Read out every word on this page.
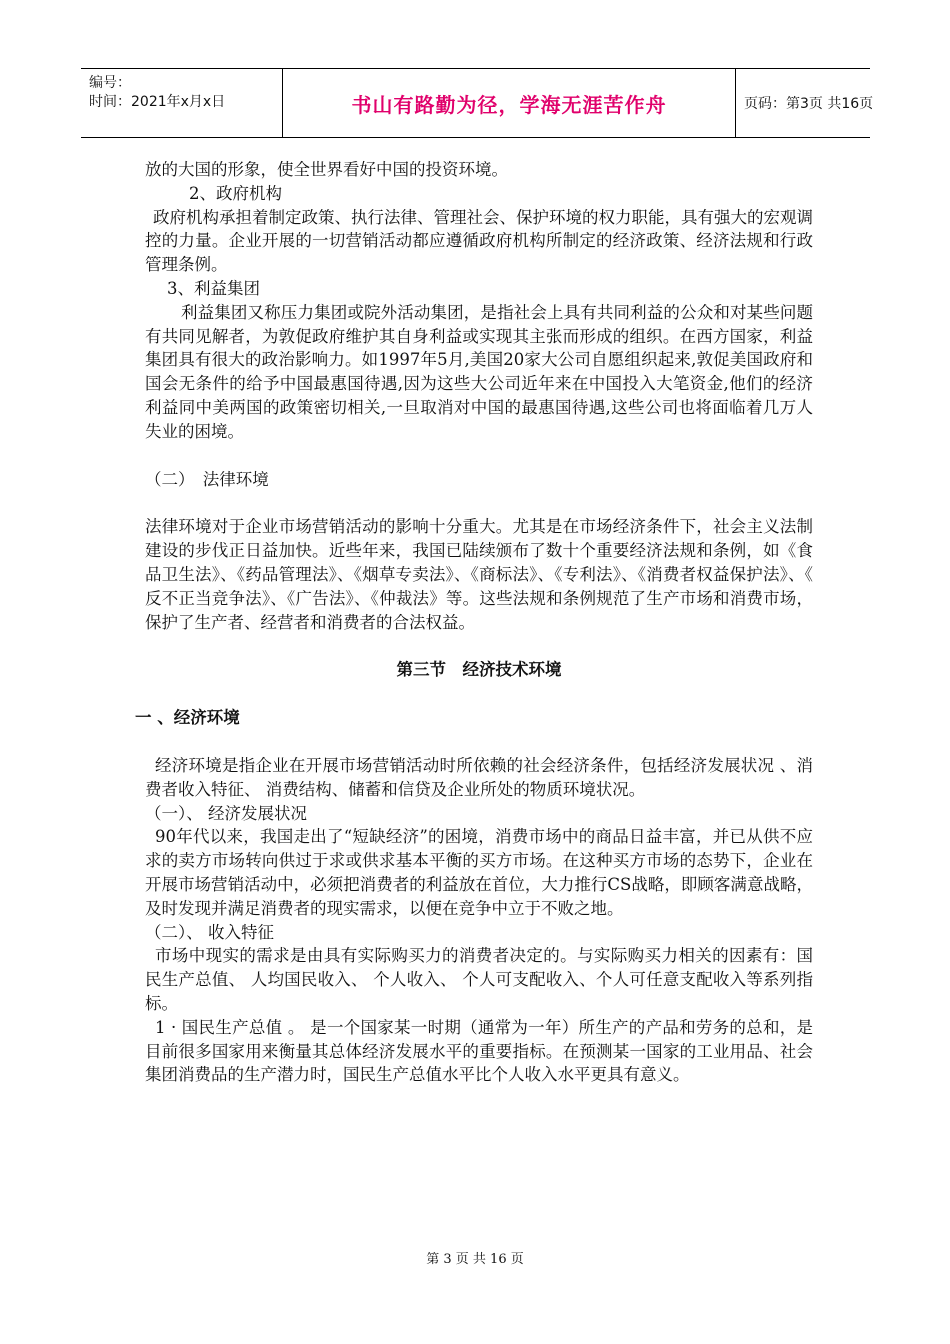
编号：
时间：2021年x月x日	书山有路勤为径，学海无涯苦作舟	页码：第3页 共16页

放的大国的形象，使全世界看好中国的投资环境。

2、政府机构

政府机构承担着制定政策、执行法律、管理社会、保护环境的权力职能，具有强大的宏观调控的力量。企业开展的一切营销活动都应遵循政府机构所制定的经济政策、经济法规和行政管理条例。

3、利益集团

利益集团又称压力集团或院外活动集团，是指社会上具有共同利益的公众和对某些问题有共同见解者，为敦促政府维护其自身利益或实现其主张而形成的组织。在西方国家，利益集团具有很大的政治影响力。如1997年5月,美国20家大公司自愿组织起来,敦促美国政府和国会无条件的给予中国最惠国待遇,因为这些大公司近年来在中国投入大笔资金,他们的经济利益同中美两国的政策密切相关,一旦取消对中国的最惠国待遇,这些公司也将面临着几万人失业的困境。

（二）　法律环境

法律环境对于企业市场营销活动的影响十分重大。尤其是在市场经济条件下，社会主义法制建设的步伐正日益加快。近些年来，我国已陆续颁布了数十个重要经济法规和条例，如《食品卫生法》、《药品管理法》、《烟草专卖法》、《商标法》、《专利法》、《消费者权益保护法》、《 反不正当竞争法》、《广告法》、《仲裁法》等。这些法规和条例规范了生产市场和消费市场，保护了生产者、经营者和消费者的合法权益。

第三节　经济技术环境

一 、经济环境

经济环境是指企业在开展市场营销活动时所依赖的社会经济条件，包括经济发展状况 、消费者收入特征、 消费结构、储蓄和信贷及企业所处的物质环境状况。

（一）、 经济发展状况

90年代以来，我国走出了“短缺经济”的困境，消费市场中的商品日益丰富，并已从供不应求的卖方市场转向供过于求或供求基本平衡的买方市场。在这种买方市场的态势下，企业在开展市场营销活动中，必须把消费者的利益放在首位，大力推行CS战略，即顾客满意战略，及时发现并满足消费者的现实需求，以便在竞争中立于不败之地。

（二）、 收入特征

市场中现实的需求是由具有实际购买力的消费者决定的。与实际购买力相关的因素有：国民生产总值、 人均国民收入、 个人收入、 个人可支配收入、个人可任意支配收入等系列指标。

1 · 国民生产总值 。 是一个国家某一时期（通常为一年）所生产的产品和劳务的总和，是目前很多国家用来衡量其总体经济发展水平的重要指标。在预测某一国家的工业用品、社会集团消费品的生产潜力时，国民生产总值水平比个人收入水平更具有意义。

第 3 页 共 16 页
